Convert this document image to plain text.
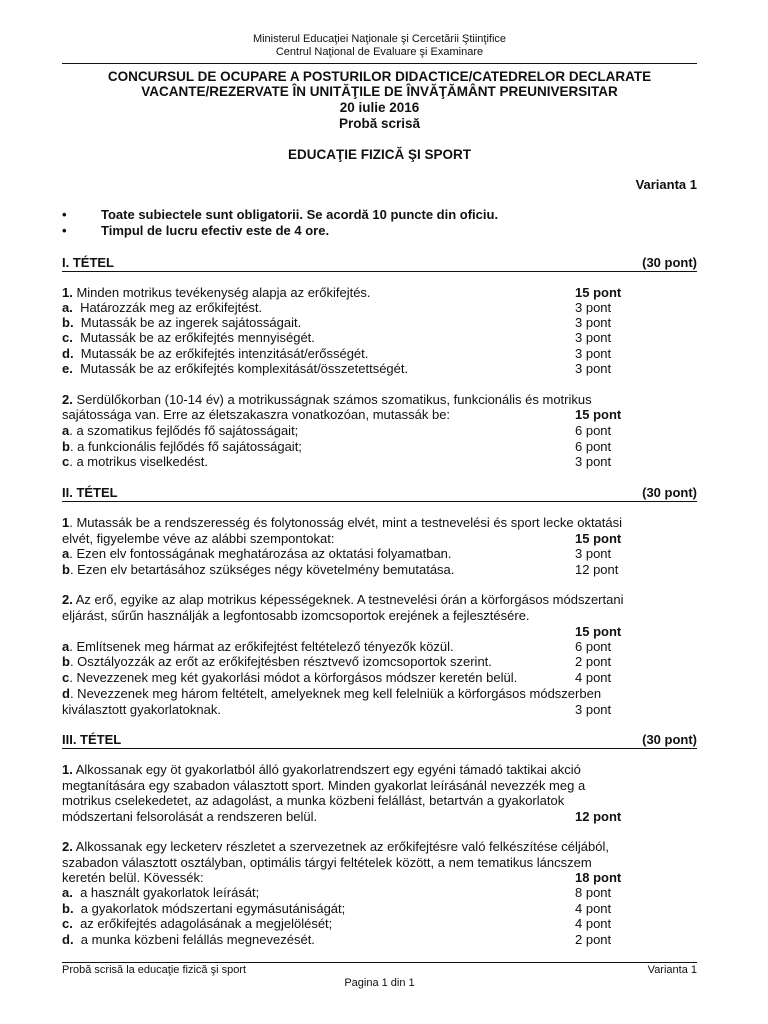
Ministerul Educaţiei Naţionale şi Cercetării Ştiinţifice
Centrul Naţional de Evaluare şi Examinare
CONCURSUL DE OCUPARE A POSTURILOR DIDACTICE/CATEDRELOR DECLARATE
VACANTE/REZERVATE ÎN UNITĂŢILE DE ÎNVĂŢĂMÂNT PREUNIVERSITAR
20 iulie 2016
Probă scrisă
EDUCAŢIE FIZICĂ ŞI SPORT
Varianta 1
•	Toate subiectele sunt obligatorii. Se acordă 10 puncte din oficiu.
•	Timpul de lucru efectiv este de 4 ore.
I. TÉTEL	(30 pont)
1. Minden motrikus tevékenység alapja az erőkifejtés.	15 pont
a.  Határozzák meg az erőkifejtést.	3 pont
b.  Mutassák be az ingerek sajátosságait.	3 pont
c.  Mutassák be az erőkifejtés mennyiségét.	3 pont
d.  Mutassák be az erőkifejtés intenzitását/erősségét.	3 pont
e.  Mutassák be az erőkifejtés komplexitását/összetettségét.	3 pont
2. Serdülőkorban (10-14 év) a motrikusságnak számos szomatikus, funkcionális és motrikus
sajátossága van. Erre az életszakaszra vonatkozóan, mutassák be:	15 pont
a. a szomatikus fejlődés fő sajátosságait;	6 pont
b. a funkcionális fejlődés fő sajátosságait;	6 pont
c. a motrikus viselkedést.	3 pont
II. TÉTEL	(30 pont)
1. Mutassák be a rendszeresség és folytonosság elvét, mint a testnevelési és sport lecke oktatási
elvét, figyelembe véve az alábbi szempontokat:	15 pont
a. Ezen elv fontosságának meghatározása az oktatási folyamatban.	3 pont
b. Ezen elv betartásához szükséges négy követelmény bemutatása.	12 pont
2. Az erő, egyike az alap motrikus képességeknek. A testnevelési órán a körforgásos módszertani
eljárást, sűrűn használják a legfontosabb izomcsoportok erejének a fejlesztésére.
15 pont
a. Említsenek meg hármat az erőkifejtést feltételező tényezők közül.	6 pont
b. Osztályozzák az erőt az erőkifejtésben résztvevő izomcsoportok szerint.	2 pont
c. Nevezzenek meg két gyakorlási módot a körforgásos módszer keretén belül.	4 pont
d. Nevezzenek meg három feltételt, amelyeknek meg kell felelniük a körforgásos módszerben
kiválasztott gyakorlatoknak.	3 pont
III. TÉTEL	(30 pont)
1. Alkossanak egy öt gyakorlatból álló gyakorlatrendszert egy egyéni támadó taktikai akció
megtanítására egy szabadon választott sport. Minden gyakorlat leírásánál nevezzék meg a
motrikus cselekedetet, az adagolást, a munka közbeni felállást, betartván a gyakorlatok
módszertani felsorolását a rendszeren belül.	12 pont
2. Alkossanak egy lecketerv részletet a szervezetnek az erőkifejtésre való felkészítése céljából,
szabadon választott osztályban, optimális tárgyi feltételek között, a nem tematikus láncszem
keretén belül. Kövessék:	18 pont
a.  a használt gyakorlatok leírását;	8 pont
b.  a gyakorlatok módszertani egymásutániságát;	4 pont
c.  az erőkifejtés adagolásának a megjelölését;	4 pont
d.  a munka közbeni felállás megnevezését.	2 pont
Probă scrisă la educaţie fizică şi sport	Varianta 1
Pagina 1 din 1
